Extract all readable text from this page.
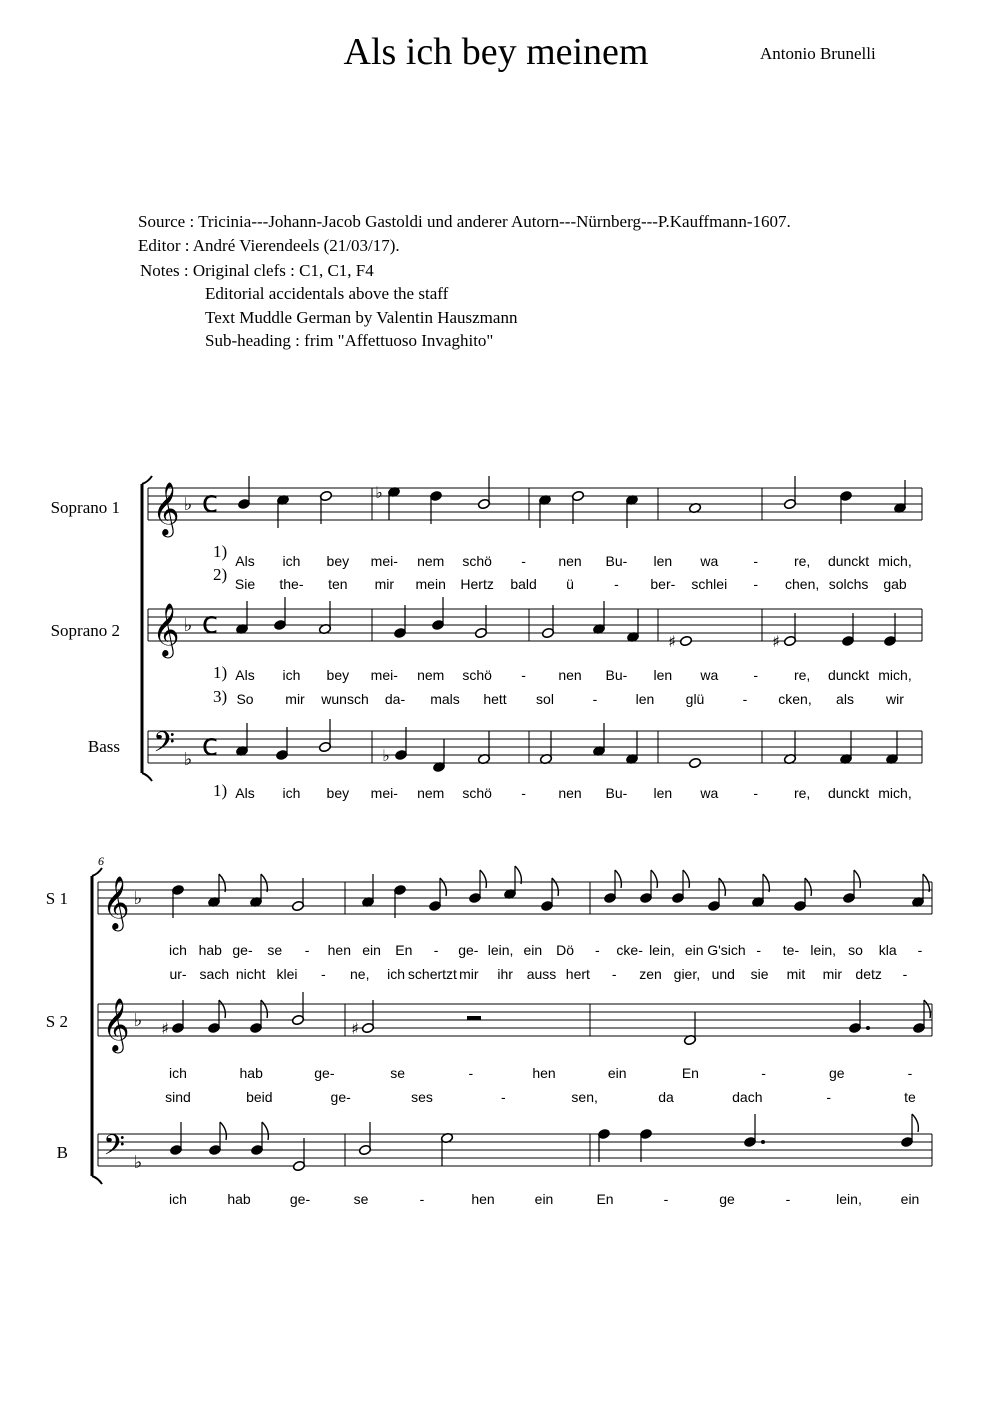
Als ich bey meinem	Antonio Brunelli
Source : Tricinia---Johann-Jacob Gastoldi und anderer Autorn---Nürnberg---P.Kauffmann-1607.
Editor : André Vierendeels (21/03/17).
Notes : Original clefs : C1, C1, F4
Editorial accidentals above the staff
Text Muddle German by Valentin Hauszmann
Sub-heading : frim "Affettuoso Invaghito"
Soprano 1
Soprano 2
Bass
1)
2)
1)
3)
1)
S 1
S 2
B
6
Als ich bey mei- nem schö - nen Bu- len wa	-	re, dunckt mich,
Sie the- ten mir mein Hertz bald ü	- ber- schlei - chen, solchs gab
Als ich bey mei- nem schö - nen Bu- len wa	-	re, dunckt mich,
So mir wunsch da- mals hett sol	-	len glü	- cken, als wir
Als ich bey mei- nem schö - nen Bu- len wa	-	re, dunckt mich,
ich hab ge- se - hen ein En - ge- lein, ein Dö - cke- lein, ein G'sich - te- lein, so kla -
ur- sach nicht klei - ne, ich schertzt mir ihr auss hert - zen gier, und sie mit mir detz -
ich	hab	ge-	se	-	hen	ein	En	-	ge	-
sind	beid	ge-	ses	-	sen,	da	dach	-	te
ich	hab	ge-	se	-	hen	ein	En	-	ge	-	lein,	ein
𝄞 ♭ c
𝄞 ♭ c
𝄢 ♭ c
♭
♯	♯
♭
𝄞 ♭
𝄞 ♭
𝄢 ♭
♯	♯
